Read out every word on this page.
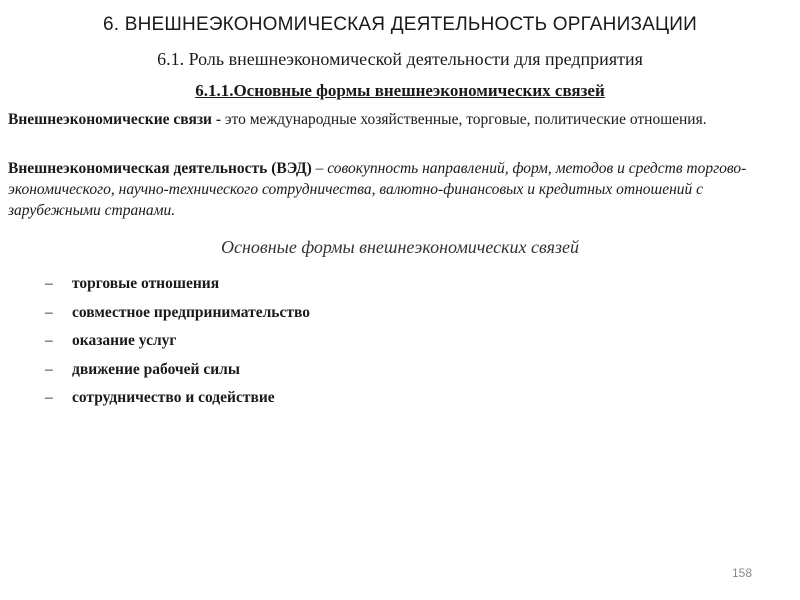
6. ВНЕШНЕЭКОНОМИЧЕСКАЯ ДЕЯТЕЛЬНОСТЬ ОРГАНИЗАЦИИ
6.1. Роль внешнеэкономической деятельности для предприятия
6.1.1.Основные формы внешнеэкономических связей
Внешнеэкономические связи - это международные хозяйственные, торговые, политические отношения.
Внешнеэкономическая деятельность (ВЭД) – совокупность направлений, форм, методов и средств торгово-экономического, научно-технического сотрудничества, валютно-финансовых и кредитных отношений с зарубежными странами.
Основные формы внешнеэкономических связей
–	торговые отношения
–	совместное предпринимательство
–	оказание услуг
–	движение рабочей силы
–	сотрудничество и содействие
158
